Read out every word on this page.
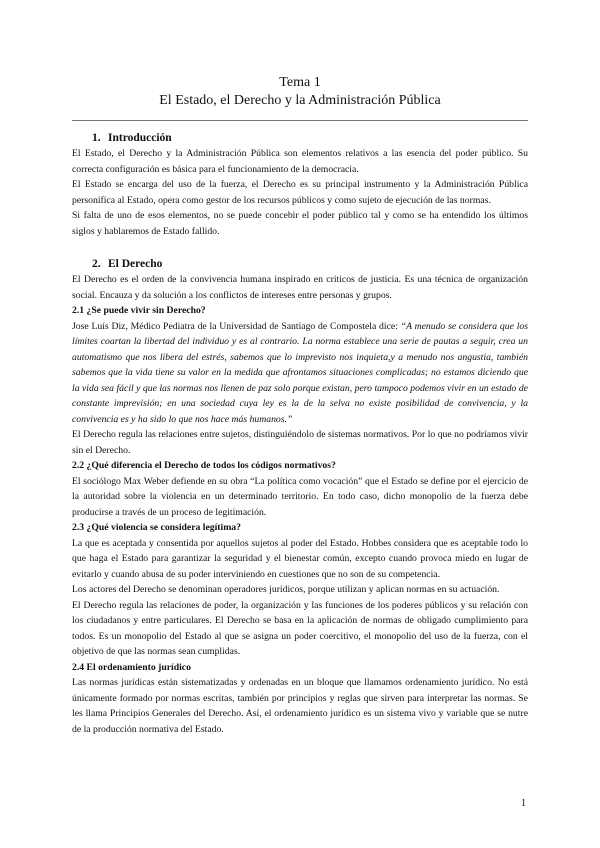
Tema 1
El Estado, el Derecho y la Administración Pública
1. Introducción

El Estado, el Derecho y la Administración Pública son elementos relativos a las esencia del poder público. Su correcta configuración es básica para el funcionamiento de la democracia.

El Estado se encarga del uso de la fuerza, el Derecho es su principal instrumento y la Administración Pública personifica al Estado, opera como gestor de los recursos públicos y como sujeto de ejecución de las normas.

Si falta de uno de esos elementos, no se puede concebir el poder público tal y como se ha entendido los últimos siglos y hablaremos de Estado fallido.

2. El Derecho

El Derecho es el orden de la convivencia humana inspirado en criticos de justicia. Es una técnica de organización social. Encauza y da solución a los conflictos de intereses entre personas y grupos.

2.1 ¿Se puede vivir sin Derecho?

Jose Luís Diz, Médico Pediatra de la Universidad de Santiago de Compostela dice: “A menudo se considera que los límites coartan la libertad del individuo y es al contrario. La norma establece una serie de pautas a seguir, crea un automatismo que nos libera del estrés, sabemos que lo imprevisto nos inquieta,y a menudo nos angustia, también sabemos que la vida tiene su valor en la medida que afrontamos situaciones complicadas; no estamos diciendo que la vida sea fácil y que las normas nos llenen de paz solo porque existan, pero tampoco podemos vivir en un estado de constante imprevisión; en una sociedad cuya ley es la de la selva no existe posibilidad de convivencia, y la convivencia es y ha sido lo que nos hace más humanos.”

El Derecho regula las relaciones entre sujetos, distinguiéndolo de sistemas normativos. Por lo que no podríamos vivir sin el Derecho.

2.2 ¿Qué diferencia el Derecho de todos los códigos normativos?

El sociólogo Max Weber defiende en su obra “La política como vocación” que el Estado se define por el ejercicio de la autoridad sobre la violencia en un determinado territorio. En todo caso, dicho monopolio de la fuerza debe producirse a través de un proceso de legitimación.

2.3 ¿Qué violencia se considera legítima?

La que es aceptada y consentida por aquellos sujetos al poder del Estado. Hobbes considera que es aceptable todo lo que haga el Estado para garantizar la seguridad y el bienestar común, excepto cuando provoca miedo en lugar de evitarlo y cuando abusa de su poder interviniendo en cuestiones que no son de su competencia.

Los actores del Derecho se denominan operadores jurídicos, porque utilizan y aplican normas en su actuación.

El Derecho regula las relaciones de poder, la organización y las funciones de los poderes públicos y su relación con los ciudadanos y entre particulares. El Derecho se basa en la aplicación de normas de obligado cumplimiento para todos. Es un monopolio del Estado al que se asigna un poder coercitivo, el monopolio del uso de la fuerza, con el objetivo de que las normas sean cumplidas.

2.4 El ordenamiento jurídico

Las normas jurídicas están sistematizadas y ordenadas en un bloque que llamamos ordenamiento jurídico. No está únicamente formado por normas escritas, también por principios y reglas que sirven para interpretar las normas. Se les llama Principios Generales del Derecho. Así, el ordenamiento jurídico es un sistema vivo y variable que se nutre de la producción normativa del Estado.

1
